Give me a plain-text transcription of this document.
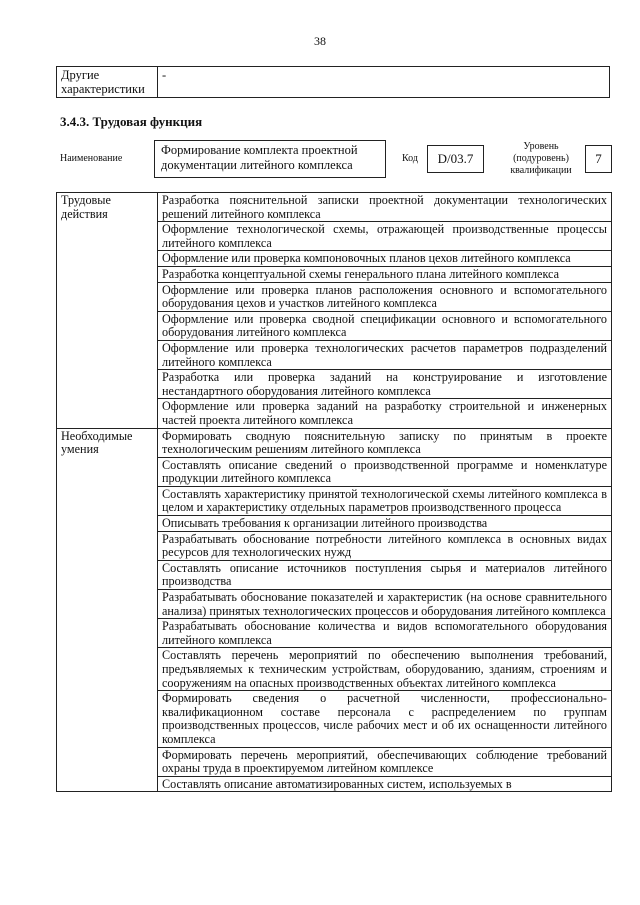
38
Другие характеристики	-
3.4.3. Трудовая функция
Наименование
Формирование комплекта проектной документации литейного комплекса	Код	D/03.7
Уровень (подуровень) квалификации
7
Трудовые действия	Разработка пояснительной записки проектной документации технологических решений литейного комплекса
	Оформление технологической схемы, отражающей производственные процессы литейного комплекса
	Оформление или проверка компоновочных планов цехов литейного комплекса
	Разработка концептуальной схемы генерального плана литейного комплекса
	Оформление или проверка планов расположения основного и вспомогательного оборудования цехов и участков литейного комплекса
	Оформление или проверка сводной спецификации основного и вспомогательного оборудования литейного комплекса
	Оформление или проверка технологических расчетов параметров подразделений литейного комплекса
	Разработка или проверка заданий на конструирование и изготовление нестандартного оборудования литейного комплекса
	Оформление или проверка заданий на разработку строительной и инженерных частей проекта литейного комплекса
Необходимые умения	Формировать сводную пояснительную записку по принятым в проекте технологическим решениям литейного комплекса
	Составлять описание сведений о производственной программе и номенклатуре продукции литейного комплекса
	Составлять характеристику принятой технологической схемы литейного комплекса в целом и характеристику отдельных параметров производственного процесса
	Описывать требования к организации литейного производства
	Разрабатывать обоснование потребности литейного комплекса в основных видах ресурсов для технологических нужд
	Составлять описание источников поступления сырья и материалов литейного производства
	Разрабатывать обоснование показателей и характеристик (на основе сравнительного анализа) принятых технологических процессов и оборудования литейного комплекса
	Разрабатывать обоснование количества и видов вспомогательного оборудования литейного комплекса
	Составлять перечень мероприятий по обеспечению выполнения требований, предъявляемых к техническим устройствам, оборудованию, зданиям, строениям и сооружениям на опасных производственных объектах литейного комплекса
	Формировать сведения о расчетной численности, профессионально-квалификационном составе персонала с распределением по группам производственных процессов, числе рабочих мест и об их оснащенности литейного комплекса
	Формировать перечень мероприятий, обеспечивающих соблюдение требований охраны труда в проектируемом литейном комплексе
	Составлять описание автоматизированных систем, используемых в
